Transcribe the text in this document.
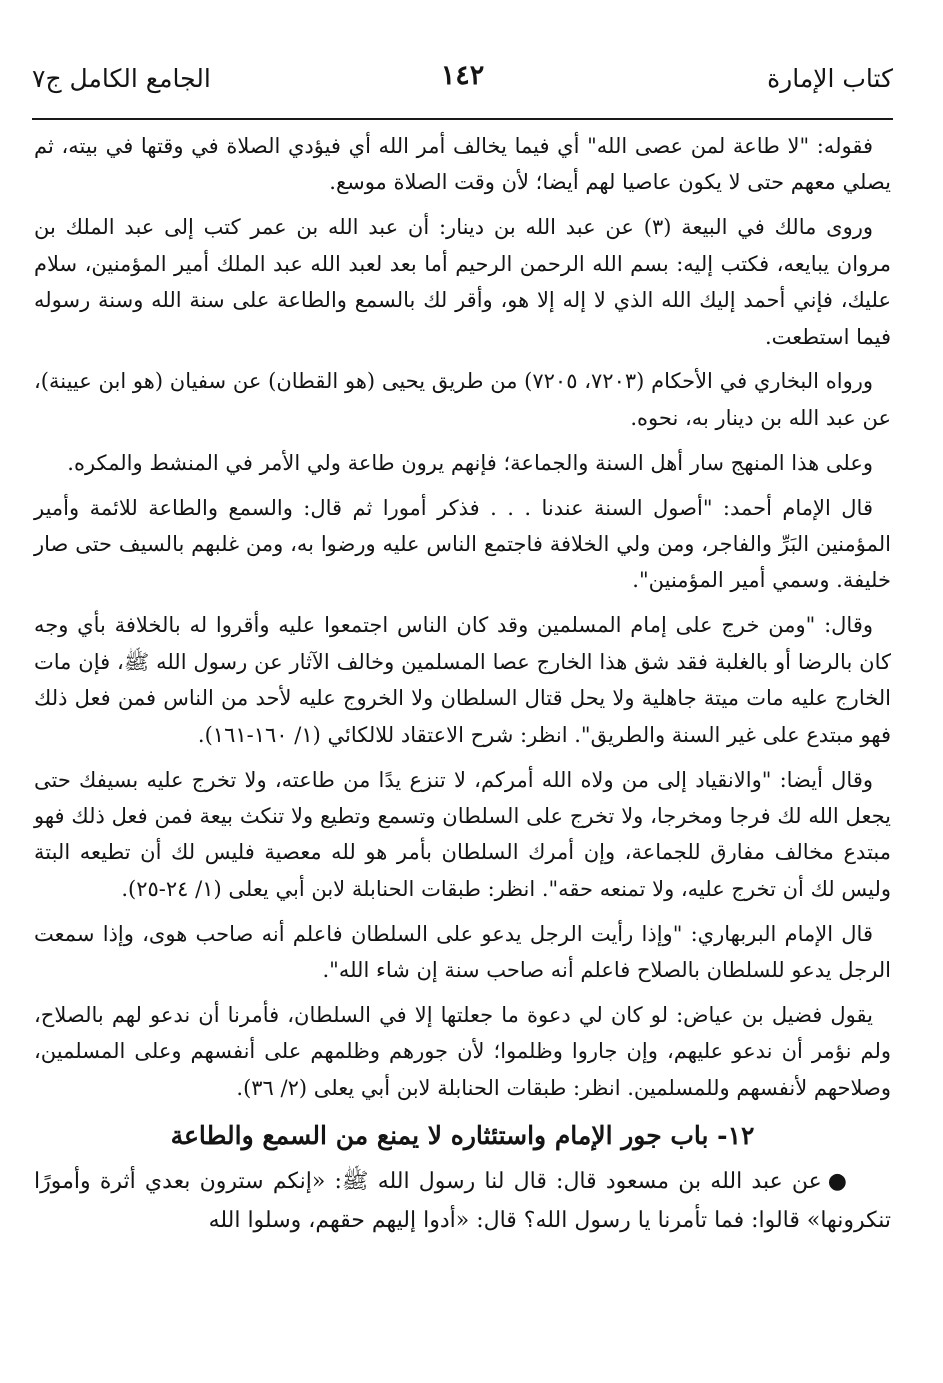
كتاب الإمارة
١٤٢
الجامع الكامل ج٧

فقوله: "لا طاعة لمن عصى الله" أي فيما يخالف أمر الله أي فيؤدي الصلاة في وقتها في بيته، ثم يصلي معهم حتى لا يكون عاصيا لهم أيضا؛ لأن وقت الصلاة موسع.

وروى مالك في البيعة (٣) عن عبد الله بن دينار: أن عبد الله بن عمر كتب إلى عبد الملك بن مروان يبايعه، فكتب إليه: بسم الله الرحمن الرحيم أما بعد لعبد الله عبد الملك أمير المؤمنين، سلام عليك، فإني أحمد إليك الله الذي لا إله إلا هو، وأقر لك بالسمع والطاعة على سنة الله وسنة رسوله فيما استطعت.

ورواه البخاري في الأحكام (٧٢٠٣، ٧٢٠٥) من طريق يحيى (هو القطان) عن سفيان (هو ابن عيينة)، عن عبد الله بن دينار به، نحوه.

وعلى هذا المنهج سار أهل السنة والجماعة؛ فإنهم يرون طاعة ولي الأمر في المنشط والمكره.

قال الإمام أحمد: "أصول السنة عندنا . . . فذكر أمورا ثم قال: والسمع والطاعة للائمة وأمير المؤمنين البَرِّ والفاجر، ومن ولي الخلافة فاجتمع الناس عليه ورضوا به، ومن غلبهم بالسيف حتى صار خليفة. وسمي أمير المؤمنين".

وقال: "ومن خرج على إمام المسلمين وقد كان الناس اجتمعوا عليه وأقروا له بالخلافة بأي وجه كان بالرضا أو بالغلبة فقد شق هذا الخارج عصا المسلمين وخالف الآثار عن رسول الله ﷺ، فإن مات الخارج عليه مات ميتة جاهلية ولا يحل قتال السلطان ولا الخروج عليه لأحد من الناس فمن فعل ذلك فهو مبتدع على غير السنة والطريق". انظر: شرح الاعتقاد للالكائي (١/ ١٦٠-١٦١).

وقال أيضا: "والانقياد إلى من ولاه الله أمركم، لا تنزع يدًا من طاعته، ولا تخرج عليه بسيفك حتى يجعل الله لك فرجا ومخرجا، ولا تخرج على السلطان وتسمع وتطيع ولا تنكث بيعة فمن فعل ذلك فهو مبتدع مخالف مفارق للجماعة، وإن أمرك السلطان بأمر هو لله معصية فليس لك أن تطيعه البتة وليس لك أن تخرج عليه، ولا تمنعه حقه". انظر: طبقات الحنابلة لابن أبي يعلى (١/ ٢٤-٢٥).

قال الإمام البربهاري: "وإذا رأيت الرجل يدعو على السلطان فاعلم أنه صاحب هوى، وإذا سمعت الرجل يدعو للسلطان بالصلاح فاعلم أنه صاحب سنة إن شاء الله".

يقول فضيل بن عياض: لو كان لي دعوة ما جعلتها إلا في السلطان، فأمرنا أن ندعو لهم بالصلاح، ولم نؤمر أن ندعو عليهم، وإن جاروا وظلموا؛ لأن جورهم وظلمهم على أنفسهم وعلى المسلمين، وصلاحهم لأنفسهم وللمسلمين. انظر: طبقات الحنابلة لابن أبي يعلى (٢/ ٣٦).

١٢- باب جور الإمام واستئثاره لا يمنع من السمع والطاعة

●عن عبد الله بن مسعود قال: قال لنا رسول الله ﷺ: «إنكم سترون بعدي أثرة وأمورًا تنكرونها» قالوا: فما تأمرنا يا رسول الله؟ قال: «أدوا إليهم حقهم، وسلوا الله
